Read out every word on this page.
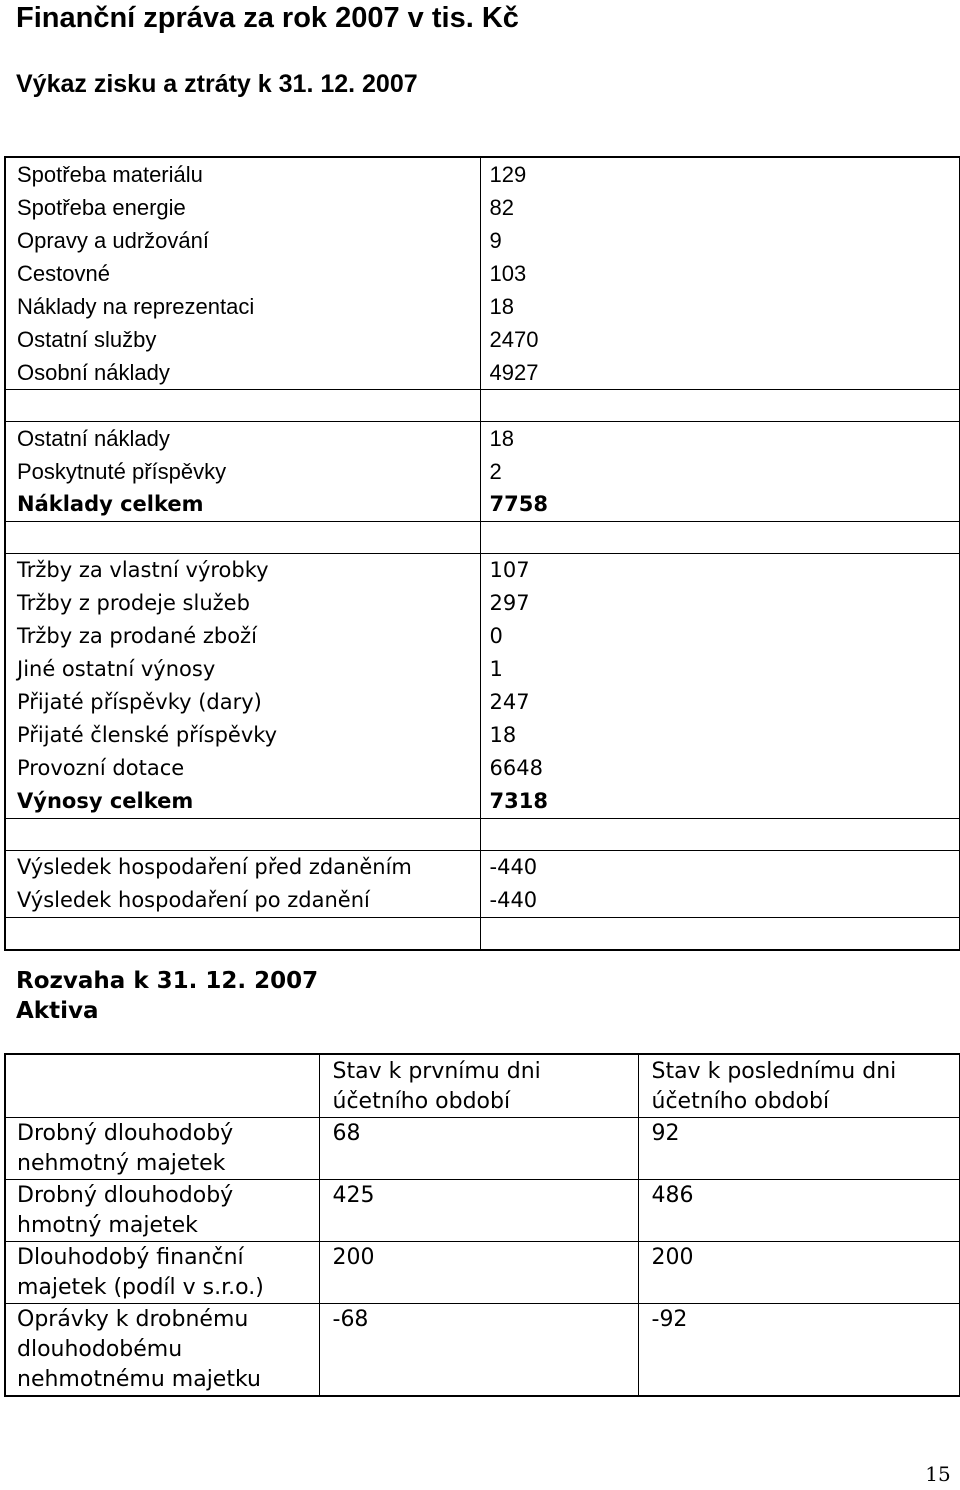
Finanční zpráva za rok 2007 v tis. Kč
Výkaz zisku a ztráty k 31. 12. 2007
Spotřeba materiálu	129
Spotřeba energie	82
Opravy a udržování	9
Cestovné	103
Náklady na reprezentaci	18
Ostatní služby	2470
Osobní náklady	4927

Ostatní náklady	18
Poskytnuté příspěvky	2
Náklady celkem	7758

Tržby za vlastní výrobky	107
Tržby z prodeje služeb	297
Tržby za prodané zboží	0
Jiné ostatní výnosy	1
Přijaté příspěvky (dary)	247
Přijaté členské příspěvky	18
Provozní dotace	6648
Výnosy celkem	7318

Výsledek hospodaření před zdaněním	-440
Výsledek hospodaření po zdanění	-440

Rozvaha k 31. 12. 2007
Aktiva
	Stav k prvnímu dni účetního období	Stav k poslednímu dni účetního období
Drobný dlouhodobý nehmotný majetek	68	92
Drobný dlouhodobý hmotný majetek	425	486
Dlouhodobý finanční majetek (podíl v s.r.o.)	200	200
Oprávky k drobnému dlouhodobému nehmotnému majetku	-68	-92
15
